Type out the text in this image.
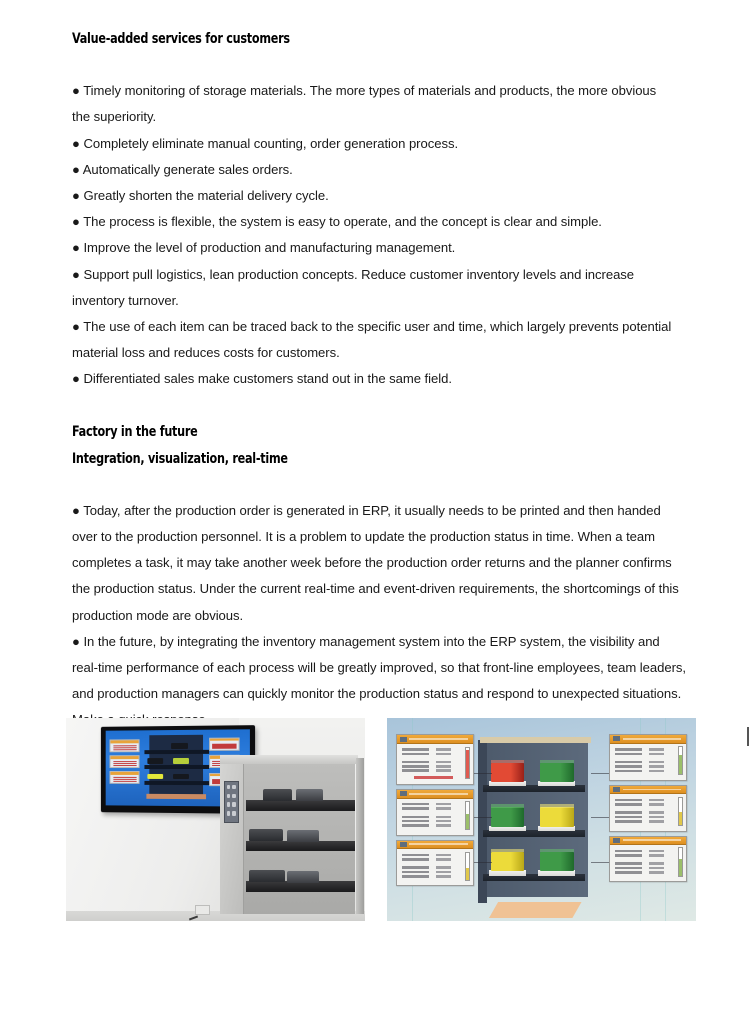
Value-added services for customers
● Timely monitoring of storage materials. The more types of materials and products, the more obvious
the superiority.
● Completely eliminate manual counting, order generation process.
● Automatically generate sales orders.
● Greatly shorten the material delivery cycle.
● The process is flexible, the system is easy to operate, and the concept is clear and simple.
● Improve the level of production and manufacturing management.
● Support pull logistics, lean production concepts. Reduce customer inventory levels and increase
inventory turnover.
● The use of each item can be traced back to the specific user and time, which largely prevents potential
material loss and reduces costs for customers.
● Differentiated sales make customers stand out in the same field.
Factory in the future
Integration, visualization, real-time
● Today, after the production order is generated in ERP, it usually needs to be printed and then handed
over to the production personnel. It is a problem to update the production status in time. When a team
completes a task, it may take another week before the production order returns and the planner confirms
the production status. Under the current real-time and event-driven requirements, the shortcomings of this
production mode are obvious.
● In the future, by integrating the inventory management system into the ERP system, the visibility and
real-time performance of each process will be greatly improved, so that front-line employees, team leaders,
and production managers can quickly monitor the production status and respond to unexpected situations.
